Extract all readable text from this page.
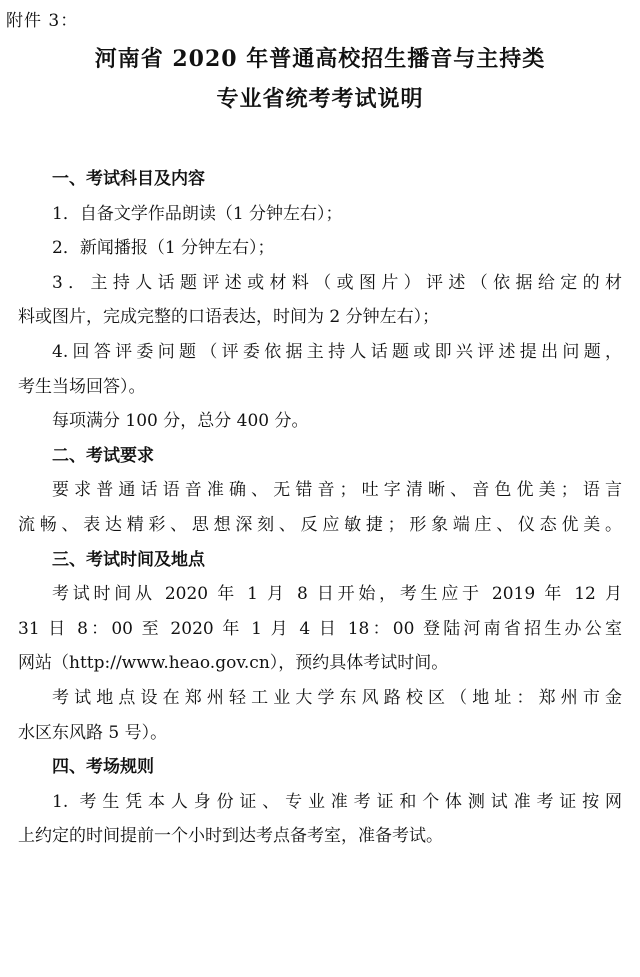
附件 3：
河南省 2020 年普通高校招生播音与主持类
专业省统考考试说明
一、考试科目及内容
1．自备文学作品朗读（1 分钟左右）；
2．新闻播报（1 分钟左右）；
3．主持人话题评述或材料（或图片）评述（依据给定的材
料或图片，完成完整的口语表达，时间为 2 分钟左右）；
4.回答评委问题（评委依据主持人话题或即兴评述提出问题，
考生当场回答）。
每项满分 100 分，总分 400 分。
二、考试要求
要求普通话语音准确、无错音；吐字清晰、音色优美；语言
流畅、表达精彩、思想深刻、反应敏捷；形象端庄、仪态优美。
三、考试时间及地点
考试时间从 2020 年 1 月 8 日开始，考生应于 2019 年 12 月
31 日 8：00 至 2020 年 1 月 4 日 18：00 登陆河南省招生办公室
网站（http://www.heao.gov.cn），预约具体考试时间。
考试地点设在郑州轻工业大学东风路校区（地址：郑州市金
水区东风路 5 号）。
四、考场规则
1. 考生凭本人身份证、专业准考证和个体测试准考证按网
上约定的时间提前一个小时到达考点备考室，准备考试。
